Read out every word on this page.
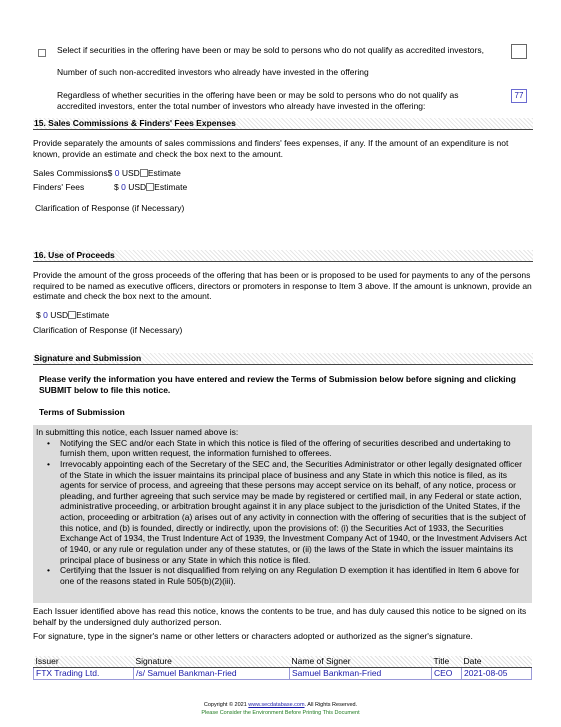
Select if securities in the offering have been or may be sold to persons who do not qualify as accredited investors,
Number of such non-accredited investors who already have invested in the offering
Regardless of whether securities in the offering have been or may be sold to persons who do not qualify as accredited investors, enter the total number of investors who already have invested in the offering:
77
15. Sales Commissions & Finders' Fees Expenses
Provide separately the amounts of sales commissions and finders' fees expenses, if any. If the amount of an expenditure is not known, provide an estimate and check the box next to the amount.
Sales Commissions$ 0 USD Estimate
Finders' Fees	$ 0 USD Estimate
Clarification of Response (if Necessary)
16. Use of Proceeds
Provide the amount of the gross proceeds of the offering that has been or is proposed to be used for payments to any of the persons required to be named as executive officers, directors or promoters in response to Item 3 above. If the amount is unknown, provide an estimate and check the box next to the amount.
$ 0 USD Estimate
Clarification of Response (if Necessary)
Signature and Submission
Please verify the information you have entered and review the Terms of Submission below before signing and clicking SUBMIT below to file this notice.
Terms of Submission
In submitting this notice, each Issuer named above is:
• Notifying the SEC and/or each State in which this notice is filed of the offering of securities described and undertaking to furnish them, upon written request, the information furnished to offerees.
• Irrevocably appointing each of the Secretary of the SEC and, the Securities Administrator or other legally designated officer of the State in which the issuer maintains its principal place of business and any State in which this notice is filed, as its agents for service of process, and agreeing that these persons may accept service on its behalf, of any notice, process or pleading, and further agreeing that such service may be made by registered or certified mail, in any Federal or state action, administrative proceeding, or arbitration brought against it in any place subject to the jurisdiction of the United States, if the action, proceeding or arbitration (a) arises out of any activity in connection with the offering of securities that is the subject of this notice, and (b) is founded, directly or indirectly, upon the provisions of: (i) the Securities Act of 1933, the Securities Exchange Act of 1934, the Trust Indenture Act of 1939, the Investment Company Act of 1940, or the Investment Advisers Act of 1940, or any rule or regulation under any of these statutes, or (ii) the laws of the State in which the issuer maintains its principal place of business or any State in which this notice is filed.
• Certifying that the Issuer is not disqualified from relying on any Regulation D exemption it has identified in Item 6 above for one of the reasons stated in Rule 505(b)(2)(iii).
Each Issuer identified above has read this notice, knows the contents to be true, and has duly caused this notice to be signed on its behalf by the undersigned duly authorized person.
For signature, type in the signer's name or other letters or characters adopted or authorized as the signer's signature.
Issuer	Signature	Name of Signer	Title	Date
FTX Trading Ltd.	/s/ Samuel Bankman-Fried	Samuel Bankman-Fried	CEO	2021-08-05
Copyright © 2021 www.secdatabase.com. All Rights Reserved.
Please Consider the Environment Before Printing This Document
